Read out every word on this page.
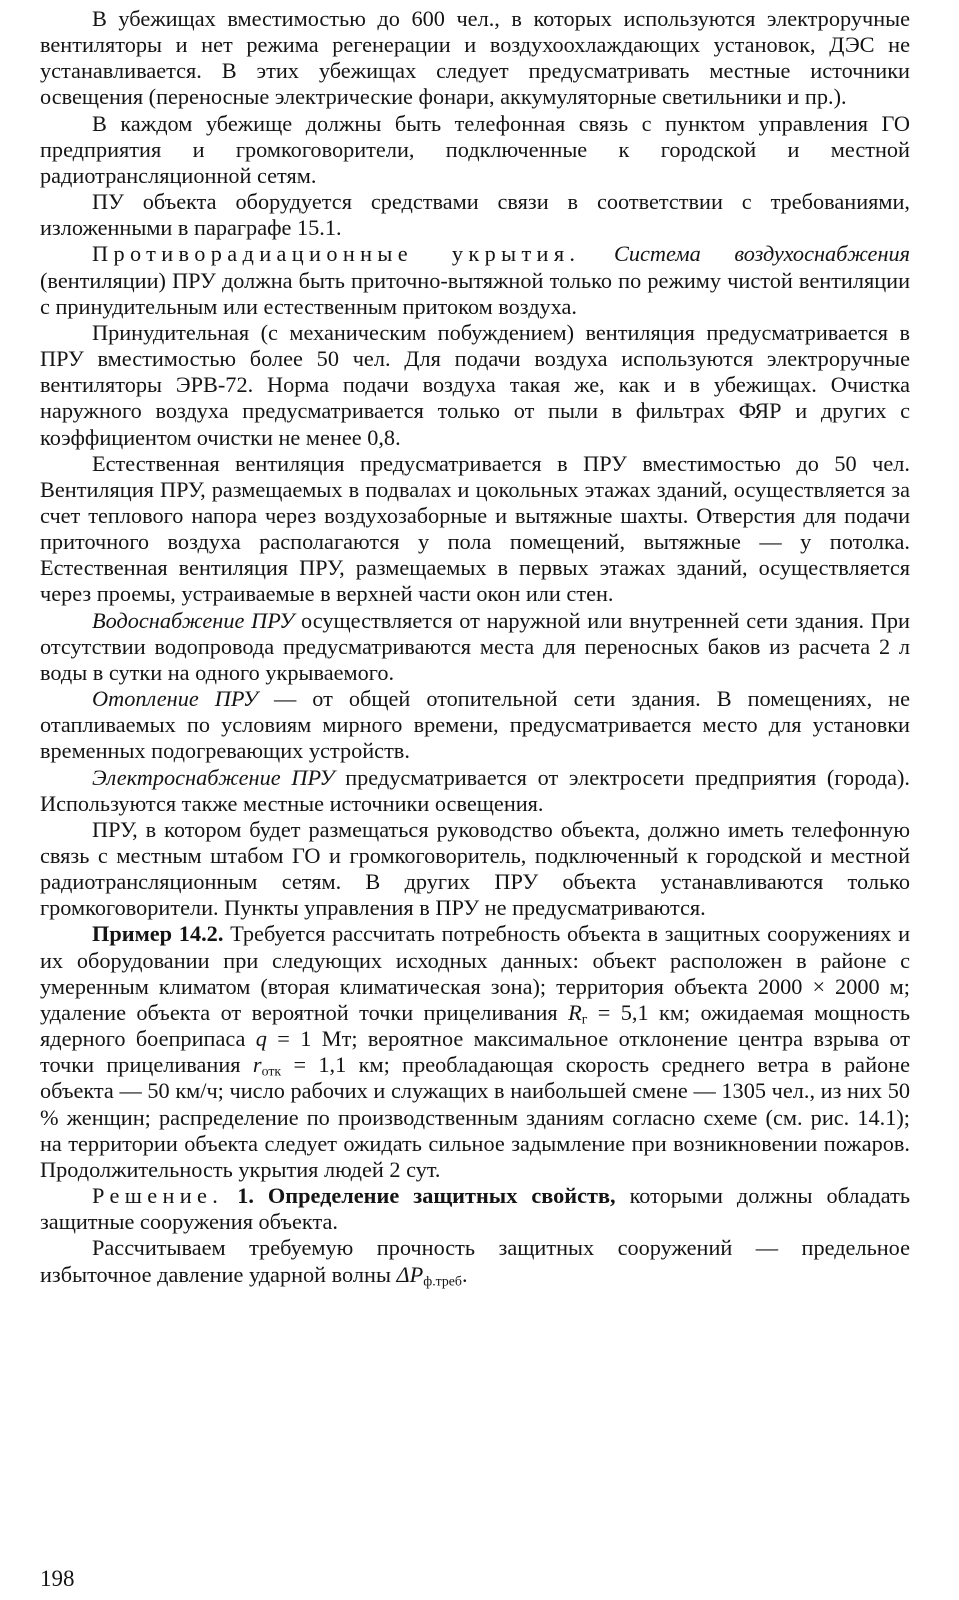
В убежищах вместимостью до 600 чел., в которых используются электроручные вентиляторы и нет режима регенерации и воздухоохлаждающих установок, ДЭС не устанавливается. В этих убежищах следует предусматривать местные источники освещения (переносные электрические фонари, аккумуляторные светильники и пр.).

В каждом убежище должны быть телефонная связь с пунктом управления ГО предприятия и громкоговорители, подключенные к городской и местной радиотрансляционной сетям.

ПУ объекта оборудуется средствами связи в соответствии с требованиями, изложенными в параграфе 15.1.

Противорадиационные укрытия. Система воздухоснабжения (вентиляции) ПРУ должна быть приточно-вытяжной только по режиму чистой вентиляции с принудительным или естественным притоком воздуха.

Принудительная (с механическим побуждением) вентиляция предусматривается в ПРУ вместимостью более 50 чел. Для подачи воздуха используются электроручные вентиляторы ЭРВ-72. Норма подачи воздуха такая же, как и в убежищах. Очистка наружного воздуха предусматривается только от пыли в фильтрах ФЯР и других с коэффициентом очистки не менее 0,8.

Естественная вентиляция предусматривается в ПРУ вместимостью до 50 чел. Вентиляция ПРУ, размещаемых в подвалах и цокольных этажах зданий, осуществляется за счет теплового напора через воздухозаборные и вытяжные шахты. Отверстия для подачи приточного воздуха располагаются у пола помещений, вытяжные — у потолка. Естественная вентиляция ПРУ, размещаемых в первых этажах зданий, осуществляется через проемы, устраиваемые в верхней части окон или стен.

Водоснабжение ПРУ осуществляется от наружной или внутренней сети здания. При отсутствии водопровода предусматриваются места для переносных баков из расчета 2 л воды в сутки на одного укрываемого.

Отопление ПРУ — от общей отопительной сети здания. В помещениях, не отапливаемых по условиям мирного времени, предусматривается место для установки временных подогревающих устройств.

Электроснабжение ПРУ предусматривается от электросети предприятия (города). Используются также местные источники освещения.

ПРУ, в котором будет размещаться руководство объекта, должно иметь телефонную связь с местным штабом ГО и громкоговоритель, подключенный к городской и местной радиотрансляционным сетям. В других ПРУ объекта устанавливаются только громкоговорители. Пункты управления в ПРУ не предусматриваются.

Пример 14.2. Требуется рассчитать потребность объекта в защитных сооружениях и их оборудовании при следующих исходных данных: объект расположен в районе с умеренным климатом (вторая климатическая зона); территория объекта 2000 × 2000 м; удаление объекта от вероятной точки прицеливания $R_г = 5,1$ км; ожидаемая мощность ядерного боеприпаса q = 1 Мт; вероятное максимальное отклонение центра взрыва от точки прицеливания $r_{отк} = 1,1$ км; преобладающая скорость среднего ветра в районе объекта — 50 км/ч; число рабочих и служащих в наибольшей смене — 1305 чел., из них 50 % женщин; распределение по производственным зданиям согласно схеме (см. рис. 14.1); на территории объекта следует ожидать сильное задымление при возникновении пожаров. Продолжительность укрытия людей 2 сут.

Решение. 1. Определение защитных свойств, которыми должны обладать защитные сооружения объекта.

Рассчитываем требуемую прочность защитных сооружений — предельное избыточное давление ударной волны $\Delta P_{ф.треб}$.

198
